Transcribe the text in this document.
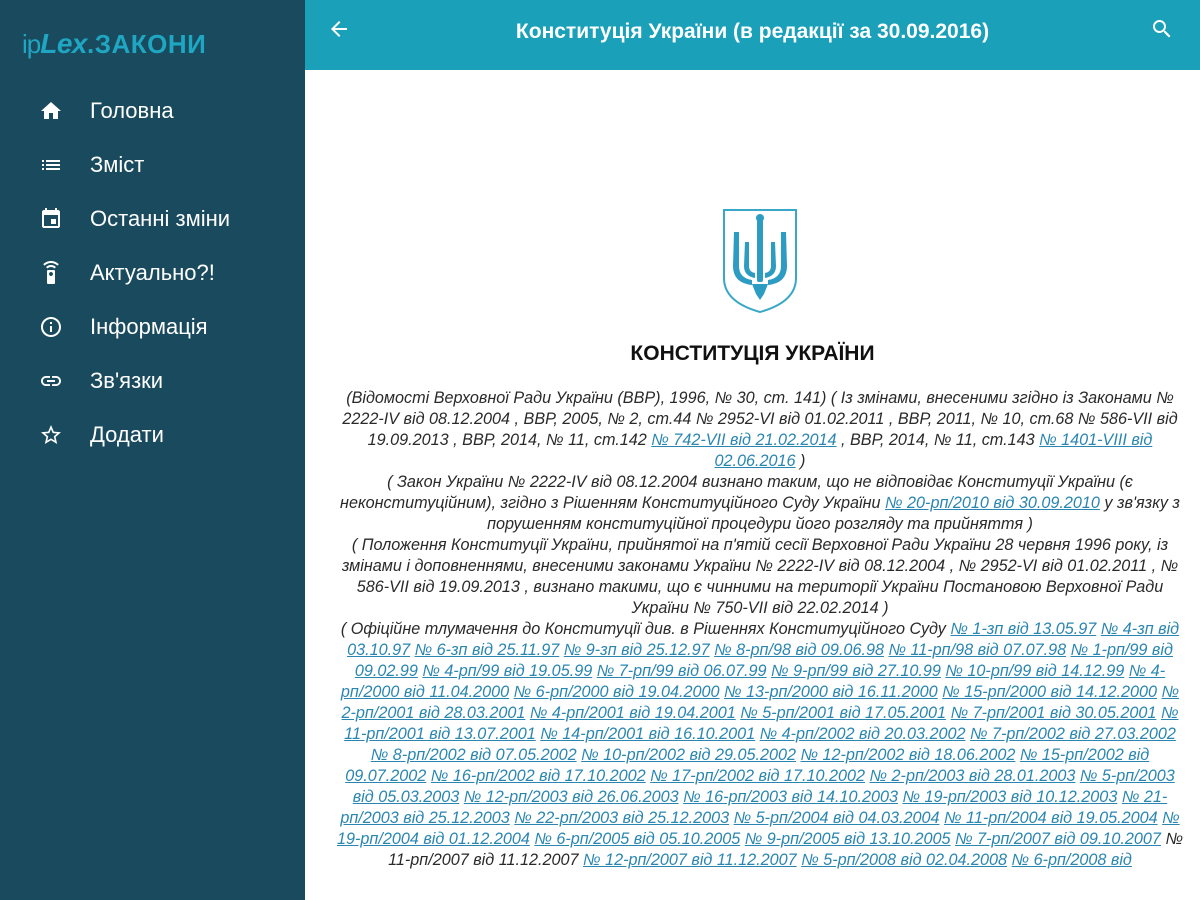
ip Lex .ЗАКОНИ
Головна
Зміст
Останні зміни
Актуально?!
Інформація
Зв'язки
Додати
Конституція України (в редакції за 30.09.2016)
КОНСТИТУЦІЯ УКРАЇНИ

(Відомості Верховної Ради України (ВВР), 1996, № 30, ст. 141) ( Із змінами, внесеними згідно із Законами № 2222-IV від 08.12.2004 , ВВР, 2005, № 2, ст.44 № 2952-VI від 01.02.2011 , ВВР, 2011, № 10, ст.68 № 586-VII від 19.09.2013 , ВВР, 2014, № 11, ст.142 № 742-VII від 21.02.2014 , ВВР, 2014, № 11, ст.143 № 1401-VIII від 02.06.2016 )

( Закон України № 2222-IV від 08.12.2004 визнано таким, що не відповідає Конституції України (є неконституційним), згідно з Рішенням Конституційного Суду України № 20-рп/2010 від 30.09.2010 у зв'язку з порушенням конституційної процедури його розгляду та прийняття )

( Положення Конституції України, прийнятої на п'ятій сесії Верховної Ради України 28 червня 1996 року, із змінами і доповненнями, внесеними законами України № 2222-IV від 08.12.2004 , № 2952-VI від 01.02.2011 , № 586-VII від 19.09.2013 , визнано такими, що є чинними на території України Постановою Верховної Ради України № 750-VII від 22.02.2014 )

( Офіційне тлумачення до Конституції див. в Рішеннях Конституційного Суду № 1-зп від 13.05.97 № 4-зп від 03.10.97 № 6-зп від 25.11.97 № 9-зп від 25.12.97 № 8-рп/98 від 09.06.98 № 11-рп/98 від 07.07.98 № 1-рп/99 від 09.02.99 № 4-рп/99 від 19.05.99 № 7-рп/99 від 06.07.99 № 9-рп/99 від 27.10.99 № 10-рп/99 від 14.12.99 № 4-рп/2000 від 11.04.2000 № 6-рп/2000 від 19.04.2000 № 13-рп/2000 від 16.11.2000 № 15-рп/2000 від 14.12.2000 № 2-рп/2001 від 28.03.2001 № 4-рп/2001 від 19.04.2001 № 5-рп/2001 від 17.05.2001 № 7-рп/2001 від 30.05.2001 № 11-рп/2001 від 13.07.2001 № 14-рп/2001 від 16.10.2001 № 4-рп/2002 від 20.03.2002 № 7-рп/2002 від 27.03.2002 № 8-рп/2002 від 07.05.2002 № 10-рп/2002 від 29.05.2002 № 12-рп/2002 від 18.06.2002 № 15-рп/2002 від 09.07.2002 № 16-рп/2002 від 17.10.2002 № 17-рп/2002 від 17.10.2002 № 2-рп/2003 від 28.01.2003 № 5-рп/2003 від 05.03.2003 № 12-рп/2003 від 26.06.2003 № 16-рп/2003 від 14.10.2003 № 19-рп/2003 від 10.12.2003 № 21-рп/2003 від 25.12.2003 № 22-рп/2003 від 25.12.2003 № 5-рп/2004 від 04.03.2004 № 11-рп/2004 від 19.05.2004 № 19-рп/2004 від 01.12.2004 № 6-рп/2005 від 05.10.2005 № 9-рп/2005 від 13.10.2005 № 7-рп/2007 від 09.10.2007 № 11-рп/2007 від 11.12.2007 № 12-рп/2007 від 11.12.2007 № 5-рп/2008 від 02.04.2008 № 6-рп/2008 від
